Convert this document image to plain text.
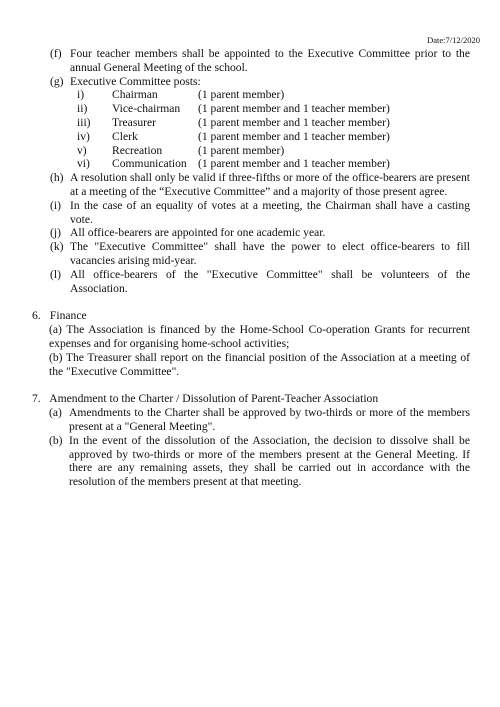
Date:7/12/2020
(f) Four teacher members shall be appointed to the Executive Committee prior to the annual General Meeting of the school.
(g) Executive Committee posts:
i)	Chairman	(1 parent member)
ii)	Vice-chairman	(1 parent member and 1 teacher member)
iii)	Treasurer	(1 parent member and 1 teacher member)
iv)	Clerk	(1 parent member and 1 teacher member)
v)	Recreation	(1 parent member)
vi)	Communication (1 parent member and 1 teacher member)
(h) A resolution shall only be valid if three-fifths or more of the office-bearers are present at a meeting of the “Executive Committee” and a majority of those present agree.
(i) In the case of an equality of votes at a meeting, the Chairman shall have a casting vote.
(j) All office-bearers are appointed for one academic year.
(k) The "Executive Committee" shall have the power to elect office-bearers to fill vacancies arising mid-year.
(l) All office-bearers of the "Executive Committee" shall be volunteers of the Association.
6. Finance
(a) The Association is financed by the Home-School Co-operation Grants for recurrent expenses and for organising home-school activities;
(b) The Treasurer shall report on the financial position of the Association at a meeting of the "Executive Committee".
7. Amendment to the Charter / Dissolution of Parent-Teacher Association
(a) Amendments to the Charter shall be approved by two-thirds or more of the members present at a "General Meeting".
(b) In the event of the dissolution of the Association, the decision to dissolve shall be approved by two-thirds or more of the members present at the General Meeting. If there are any remaining assets, they shall be carried out in accordance with the resolution of the members present at that meeting.
